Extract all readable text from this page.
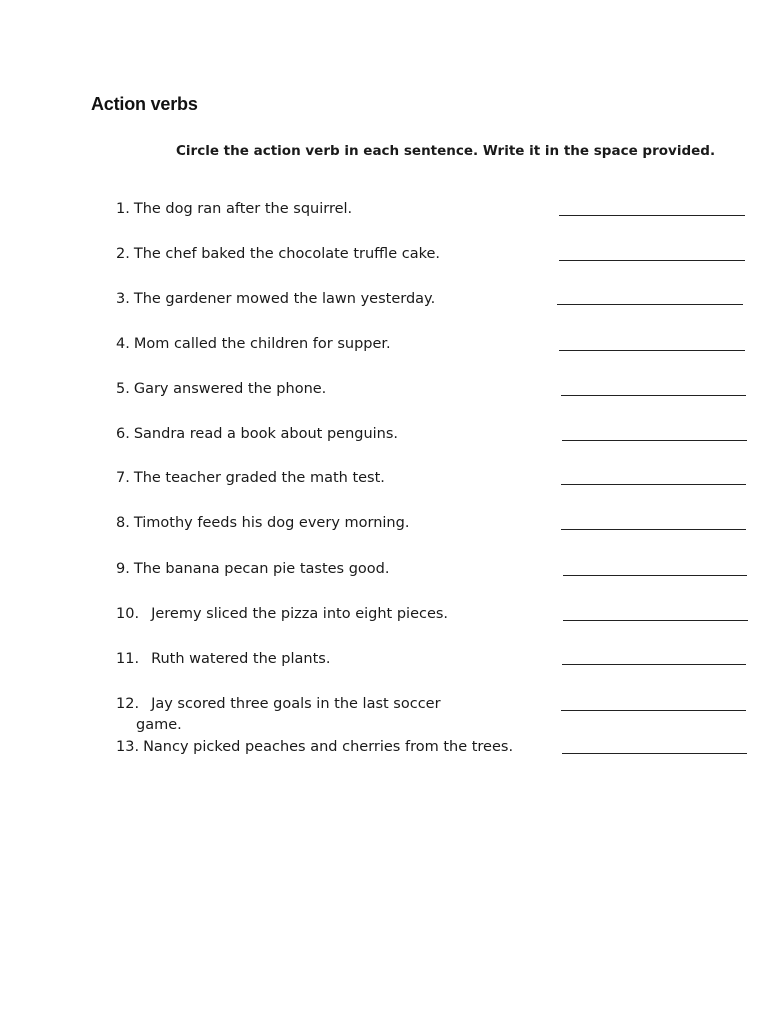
Action verbs
Circle the action verb in each sentence. Write it in the space provided.
1. The dog ran after the squirrel.
2. The chef baked the chocolate truffle cake.
3. The gardener mowed the lawn yesterday.
4. Mom called the children for supper.
5. Gary answered the phone.
6. Sandra read a book about penguins.
7. The teacher graded the math test.
8. Timothy feeds his dog every morning.
9. The banana pecan pie tastes good.
10. Jeremy sliced the pizza into eight pieces.
11. Ruth watered the plants.
12. Jay scored three goals in the last soccer
game.
13. Nancy picked peaches and cherries from the trees.
